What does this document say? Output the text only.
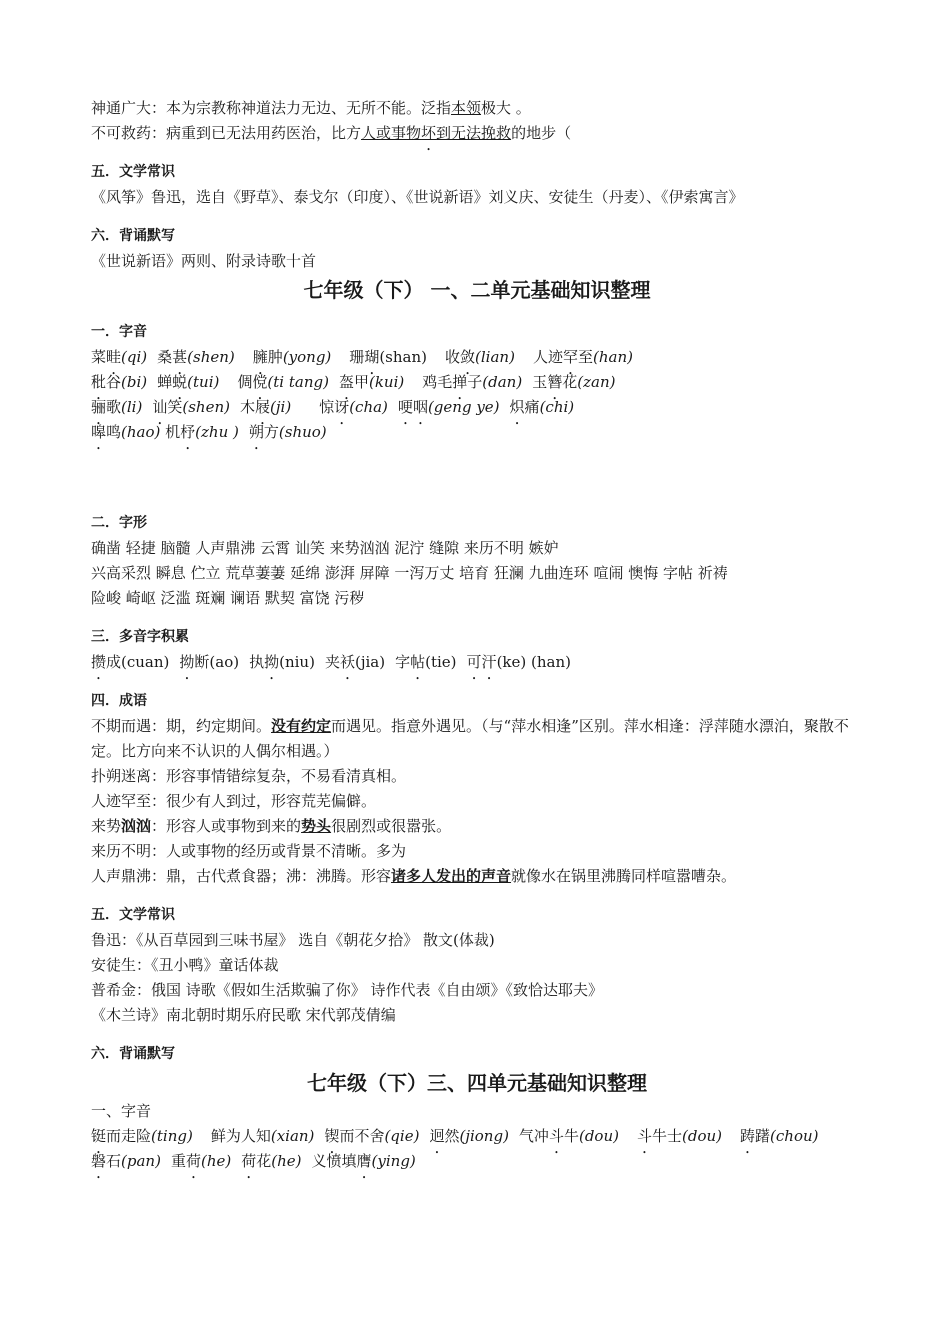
神通广大：本为宗教称神道法力无边、无所不能。泛指本领极大 。
不可救药：病重到已无法用药医治，比方人或事物坏到无法挽救的地步（
五．文学常识
《风筝》鲁迅，选自《野草》、泰戈尔（印度）、《世说新语》刘义庆、安徒生（丹麦）、《伊索寓言》
六．背诵默写
《世说新语》两则、附录诗歌十首
七年级（下） 一、二单元基础知识整理
一．字音
菜畦(qi) 桑葚(shen) 臃肿(yong) 珊瑚(shan) 收敛(lian) 人迹罕至(han)
秕谷(bi) 蝉蜕(tui) 倜傥(ti tang) 盔甲(kui) 鸡毛掸子(dan) 玉簪花(zan)
骊歌(li) 讪笑(shen) 木屐(ji) 惊讶(cha) 哽咽(geng ye) 炽痛(chi)
嗥鸣(hao) 机杼(zhu ) 朔方(shuo)
二．字形
确凿 轻捷 脑髓 人声鼎沸 云霄 讪笑 来势汹汹 泥泞 缝隙 来历不明 嫉妒
兴高采烈 瞬息 伫立 荒草萋萋 延绵 澎湃 屏障 一泻万丈 培育 狂澜 九曲连环 喧闹 懊悔 字帖 祈祷
险峻 崎岖 泛滥 斑斓 谰语 默契 富饶 污秽
三．多音字积累
攒成(cuan) 拗断(ao) 执拗(niu) 夹袄(jia) 字帖(tie) 可汗(ke) (han)
四．成语
不期而遇：期，约定期间。没有约定而遇见。指意外遇见。（与“萍水相逢”区别。萍水相逢：浮萍随水漂泊，聚散不定。比方向来不认识的人偶尔相遇。）
扑朔迷离：形容事情错综复杂，不易看清真相。
人迹罕至：很少有人到过，形容荒芜偏僻。
来势汹汹：形容人或事物到来的势头很剧烈或很嚣张。
来历不明：人或事物的经历或背景不清晰。多为
人声鼎沸：鼎，古代煮食器；沸：沸腾。形容诸多人发出的声音就像水在锅里沸腾同样喧嚣嘈杂。
五．文学常识
鲁迅：《从百草园到三味书屋》 选自《朝花夕拾》 散文(体裁)
安徒生：《丑小鸭》童话体裁
普希金：俄国 诗歌《假如生活欺骗了你》 诗作代表《自由颂》《致恰达耶夫》
《木兰诗》南北朝时期乐府民歌 宋代郭茂倩编
六．背诵默写
七年级（下）三、四单元基础知识整理
一、字音
铤而走险(ting) 鲜为人知(xian) 锲而不舍(qie) 迥然(jiong) 气冲斗牛(dou) 斗牛士(dou) 踌躇(chou)
磐石(pan) 重荷(he) 荷花(he) 义愤填膺(ying)
